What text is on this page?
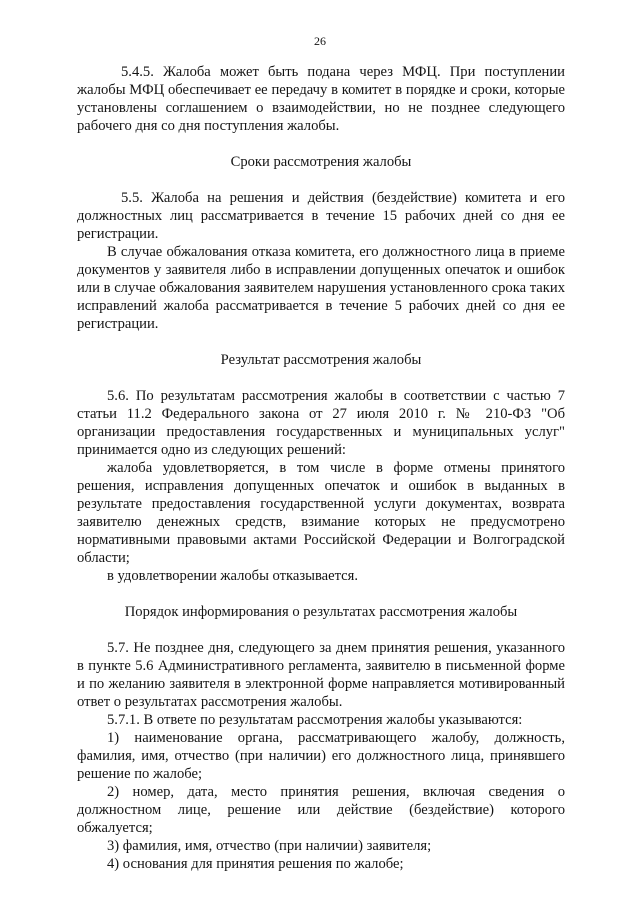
26

5.4.5. Жалоба может быть подана через МФЦ. При поступлении жалобы МФЦ обеспечивает ее передачу в комитет в порядке и сроки, которые установлены соглашением о взаимодействии, но не позднее следующего рабочего дня со дня поступления жалобы.

Сроки рассмотрения жалобы

5.5. Жалоба на решения и действия (бездействие) комитета и его должностных лиц рассматривается в течение 15 рабочих дней со дня ее регистрации.

В случае обжалования отказа комитета, его должностного лица в приеме документов у заявителя либо в исправлении допущенных опечаток и ошибок или в случае обжалования заявителем нарушения установленного срока таких исправлений жалоба рассматривается в течение 5 рабочих дней со дня ее регистрации.

Результат рассмотрения жалобы

5.6. По результатам рассмотрения жалобы в соответствии с частью 7 статьи 11.2 Федерального закона от 27 июля 2010 г. № 210-ФЗ "Об организации предоставления государственных и муниципальных услуг" принимается одно из следующих решений:

жалоба удовлетворяется, в том числе в форме отмены принятого решения, исправления допущенных опечаток и ошибок в выданных в результате предоставления государственной услуги документах, возврата заявителю денежных средств, взимание которых не предусмотрено нормативными правовыми актами Российской Федерации и Волгоградской области;

в удовлетворении жалобы отказывается.

Порядок информирования о результатах рассмотрения жалобы

5.7. Не позднее дня, следующего за днем принятия решения, указанного в пункте 5.6 Административного регламента, заявителю в письменной форме и по желанию заявителя в электронной форме направляется мотивированный ответ о результатах рассмотрения жалобы.

5.7.1. В ответе по результатам рассмотрения жалобы указываются:

1) наименование органа, рассматривающего жалобу, должность, фамилия, имя, отчество (при наличии) его должностного лица, принявшего решение по жалобе;

2) номер, дата, место принятия решения, включая сведения о должностном лице, решение или действие (бездействие) которого обжалуется;

3) фамилия, имя, отчество (при наличии) заявителя;

4) основания для принятия решения по жалобе;
